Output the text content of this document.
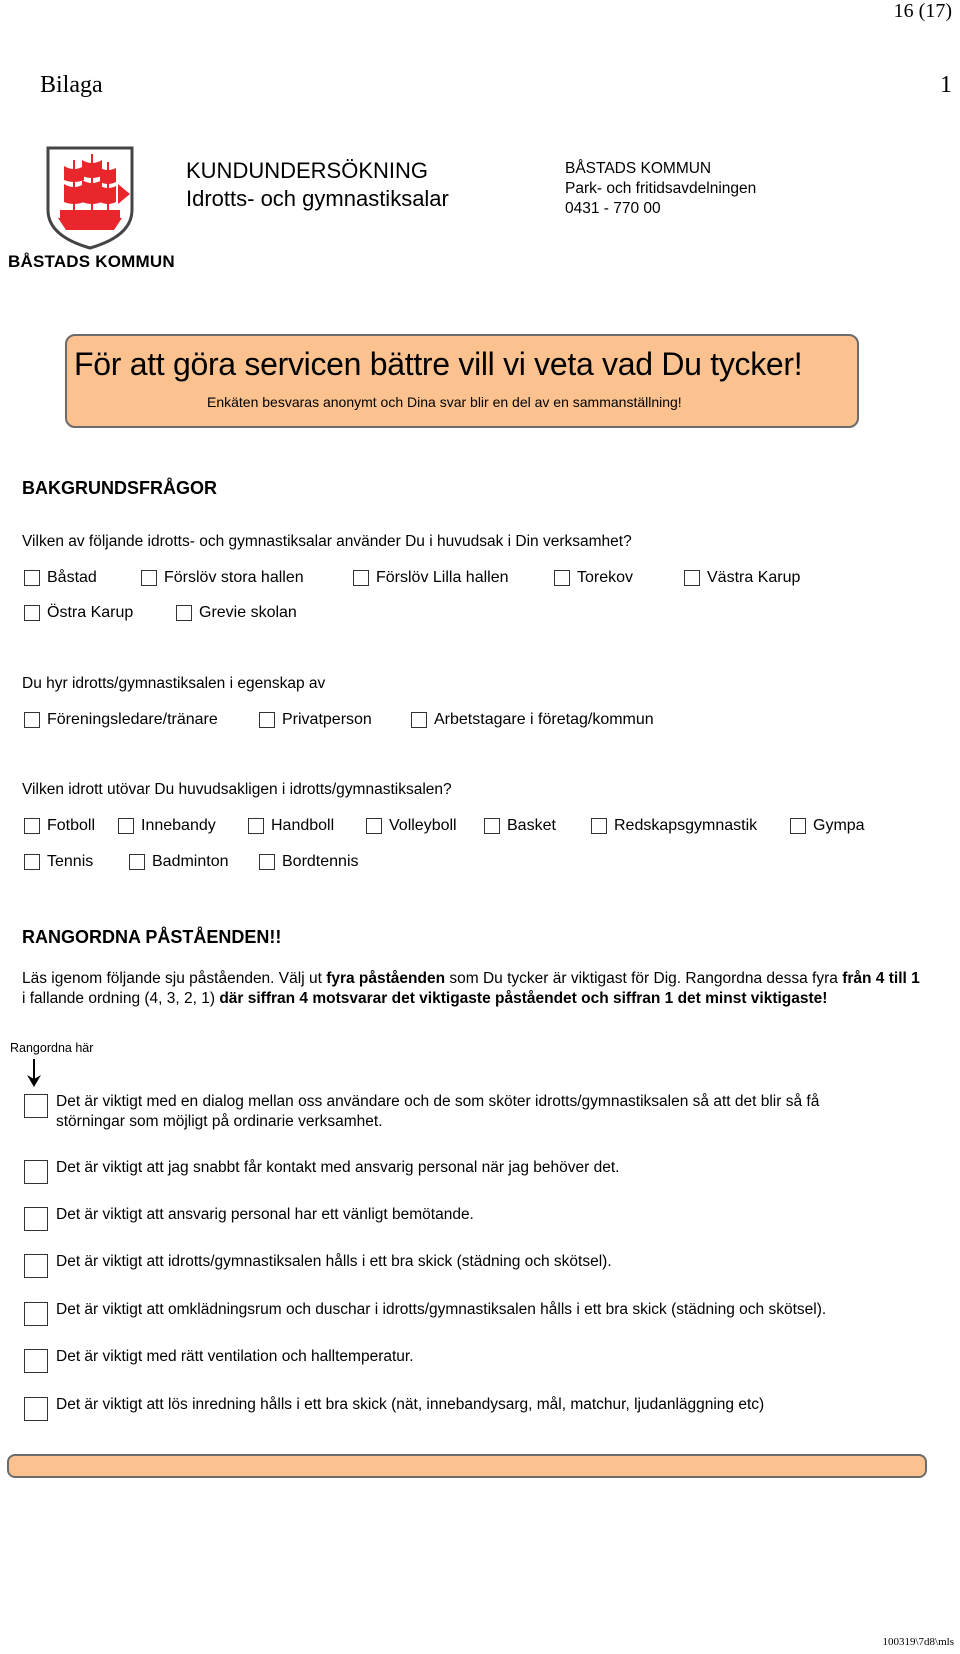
16 (17)
Bilaga	1
BÅSTADS KOMMUN
KUNDUNDERSÖKNING
Idrotts- och gymnastiksalar
BÅSTADS KOMMUN
Park- och fritidsavdelningen
0431 - 770 00
För att göra servicen bättre vill vi veta vad Du tycker!
Enkäten besvaras anonymt och Dina svar blir en del av en sammanställning!
BAKGRUNDSFRÅGOR
Vilken av följande idrotts- och gymnastiksalar använder Du i huvudsak i Din verksamhet?
Båstad	Förslöv stora hallen	Förslöv Lilla hallen	Torekov	Västra Karup
Östra Karup	Grevie skolan
Du hyr idrotts/gymnastiksalen i egenskap av
Föreningsledare/tränare	Privatperson	Arbetstagare i företag/kommun
Vilken idrott utövar Du huvudsakligen i idrotts/gymnastiksalen?
Fotboll	Innebandy	Handboll	Volleyboll	Basket	Redskapsgymnastik	Gympa
Tennis	Badminton	Bordtennis
RANGORDNA PÅSTÅENDEN!!
Läs igenom följande sju påståenden. Välj ut fyra påståenden som Du tycker är viktigast för Dig. Rangordna dessa fyra från 4 till 1 i fallande ordning (4, 3, 2, 1) där siffran 4 motsvarar det viktigaste påståendet och siffran 1 det minst viktigaste!
Rangordna här
Det är viktigt med en dialog mellan oss användare och de som sköter idrotts/gymnastiksalen så att det blir så få störningar som möjligt på ordinarie verksamhet.
Det är viktigt att jag snabbt får kontakt med ansvarig personal när jag behöver det.
Det är viktigt att ansvarig personal har ett vänligt bemötande.
Det är viktigt att idrotts/gymnastiksalen hålls i ett bra skick (städning och skötsel).
Det är viktigt att omklädningsrum och duschar i idrotts/gymnastiksalen hålls i ett bra skick (städning och skötsel).
Det är viktigt med rätt ventilation och halltemperatur.
Det är viktigt att lös inredning hålls i ett bra skick (nät, innebandysarg, mål, matchur, ljudanläggning etc)
100319\7d8\mls
